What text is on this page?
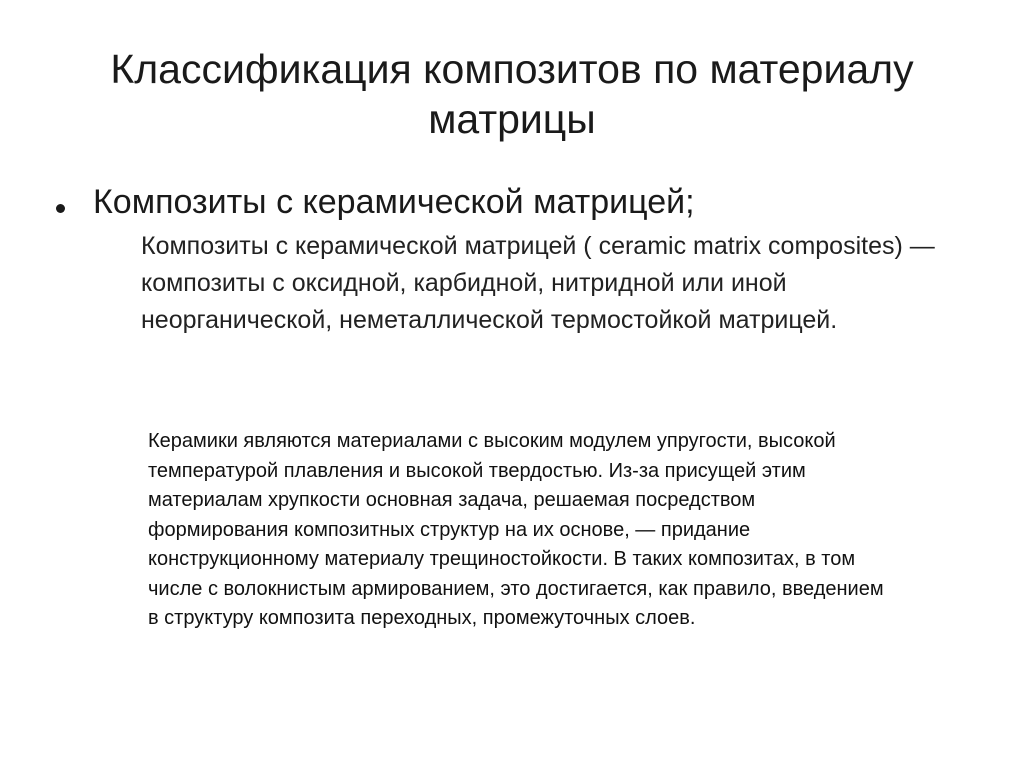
Классификация композитов по материалу матрицы
Композиты с керамической матрицей;

Композиты с керамической матрицей ( ceramic matrix composites) — композиты с оксидной, карбидной, нитридной или иной неорганической, неметаллической термостойкой матрицей.

Керамики являются материалами с высоким модулем упругости, высокой температурой плавления и высокой твердостью. Из-за присущей этим материалам хрупкости основная задача, решаемая посредством формирования композитных структур на их основе, — придание конструкционному материалу трещиностойкости. В таких композитах, в том числе с волокнистым армированием, это достигается, как правило, введением в структуру композита переходных, промежуточных слоев.
